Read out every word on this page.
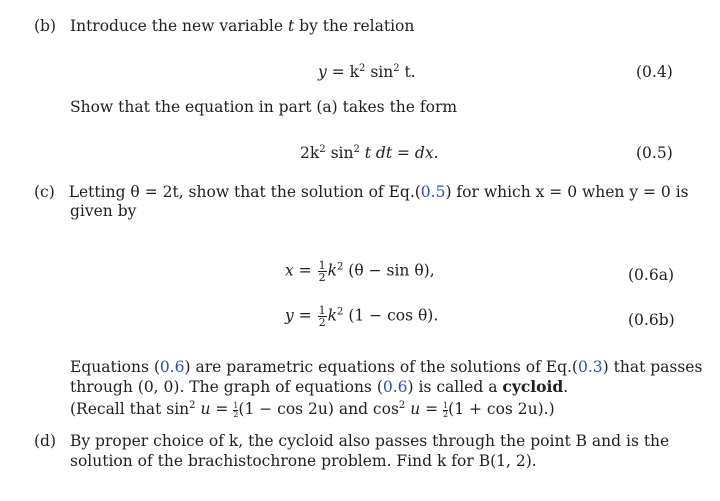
(b) Introduce the new variable t by the relation
$y = k^2$ $\sin^2 t$.	(0.4)
Show that the equation in part (a) takes the form
$2k^2$ $\sin^2 t$ dt = dx.	(0.5)
(c) Letting θ = 2t, show that the solution of Eq.(0.5) for which x = 0 when y = 0 is
given by
$x = \frac{1}{2} k^2$ (θ − sin θ),	(0.6a)
$y = \frac{1}{2} k^2$ (1 − cos θ).	(0.6b)
Equations (0.6) are parametric equations of the solutions of Eq.(0.3) that passes
through (0, 0). The graph of equations (0.6) is called a cycloid.
(Recall that $\sin^2 u = \frac{1}{2} (1 - \cos 2u)$ and $\cos^2 u = \frac{1}{2} (1 + \cos 2u)$.)
(d) By proper choice of k, the cycloid also passes through the point B and is the
solution of the brachistochrone problem. Find k for B(1, 2).
